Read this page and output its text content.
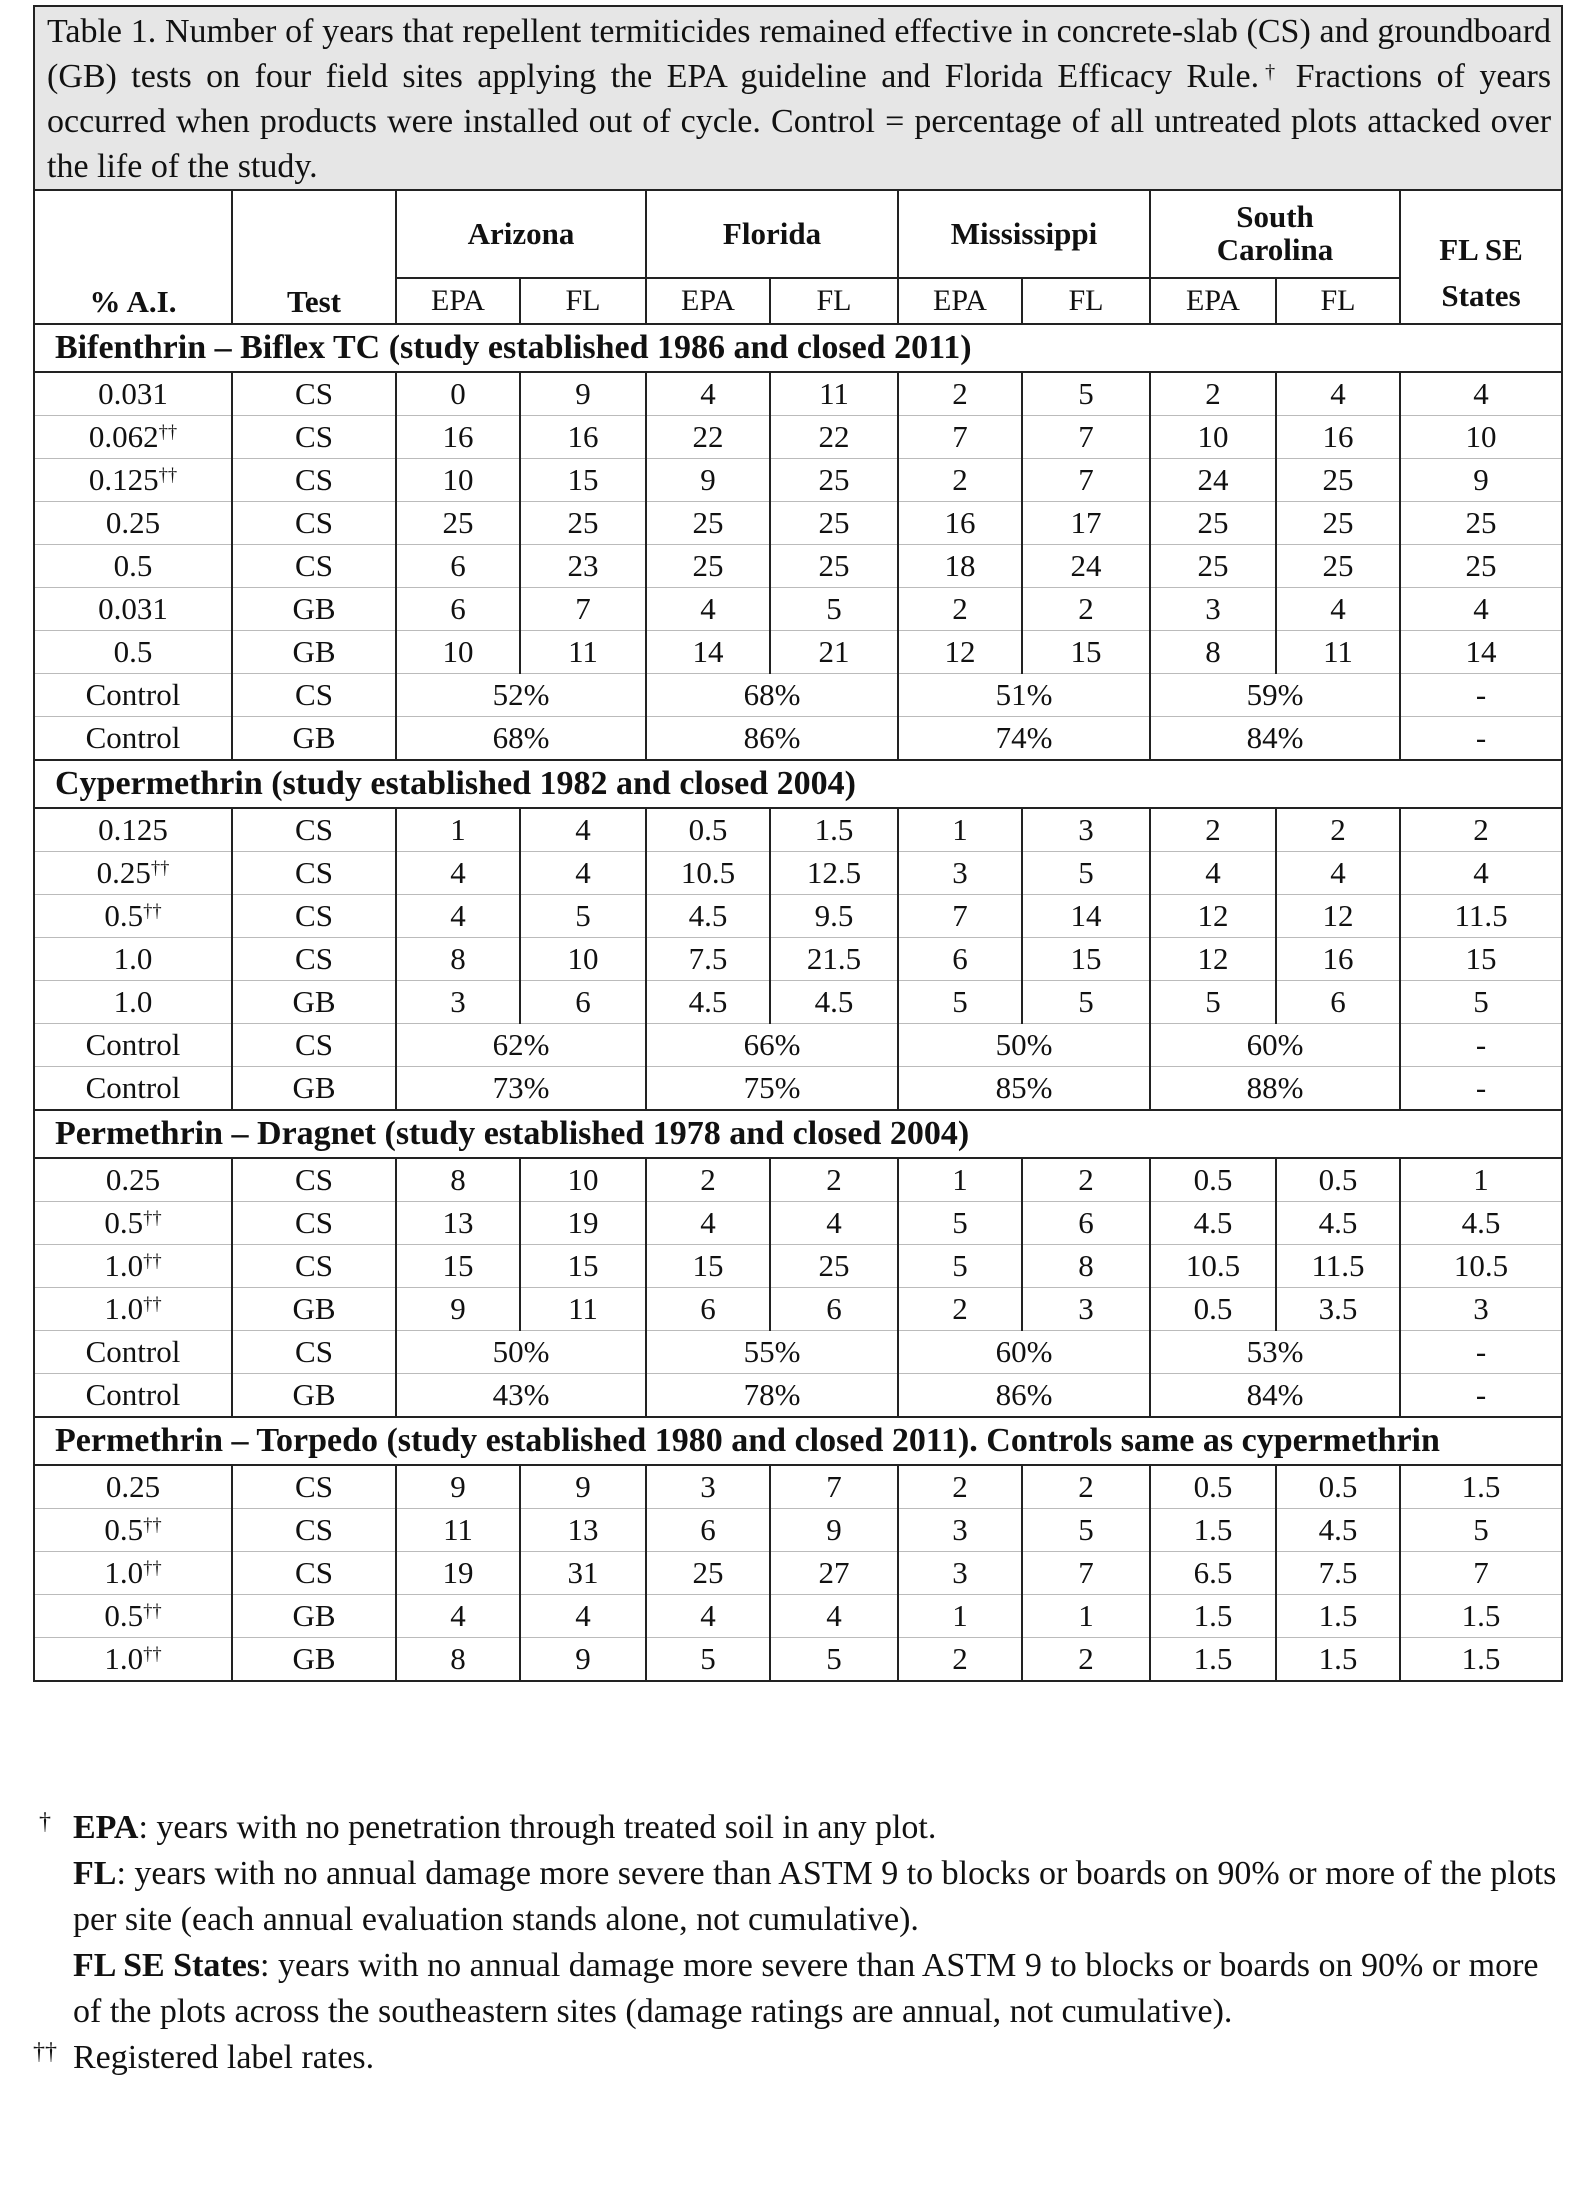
Table 1. Number of years that repellent termiticides remained effective in concrete-slab (CS) and groundboard (GB) tests on four field sites applying the EPA guideline and Florida Efficacy Rule.† Fractions of years occurred when products were installed out of cycle. Control = percentage of all untreated plots attacked over the life of the study.										
% A.I.	Test	Arizona		Florida		Mississippi		South Carolina		FL SE States
		EPA	FL	EPA	FL	EPA	FL	EPA	FL	
Bifenthrin – Biflex TC (study established 1986 and closed 2011)										
0.031	CS	0	9	4	11	2	5	2	4	4
0.062††	CS	16	16	22	22	7	7	10	16	10
0.125††	CS	10	15	9	25	2	7	24	25	9
0.25	CS	25	25	25	25	16	17	25	25	25
0.5	CS	6	23	25	25	18	24	25	25	25
0.031	GB	6	7	4	5	2	2	3	4	4
0.5	GB	10	11	14	21	12	15	8	11	14
Control	CS	52%		68%		51%		59%		-
Control	GB	68%		86%		74%		84%		-
Cypermethrin (study established 1982 and closed 2004)										
0.125	CS	1	4	0.5	1.5	1	3	2	2	2
0.25††	CS	4	4	10.5	12.5	3	5	4	4	4
0.5††	CS	4	5	4.5	9.5	7	14	12	12	11.5
1.0	CS	8	10	7.5	21.5	6	15	12	16	15
1.0	GB	3	6	4.5	4.5	5	5	5	6	5
Control	CS	62%		66%		50%		60%		-
Control	GB	73%		75%		85%		88%		-
Permethrin – Dragnet (study established 1978 and closed 2004)										
0.25	CS	8	10	2	2	1	2	0.5	0.5	1
0.5††	CS	13	19	4	4	5	6	4.5	4.5	4.5
1.0††	CS	15	15	15	25	5	8	10.5	11.5	10.5
1.0††	GB	9	11	6	6	2	3	0.5	3.5	3
Control	CS	50%		55%		60%		53%		-
Control	GB	43%		78%		86%		84%		-
Permethrin – Torpedo (study established 1980 and closed 2011). Controls same as cypermethrin										
0.25	CS	9	9	3	7	2	2	0.5	0.5	1.5
0.5††	CS	11	13	6	9	3	5	1.5	4.5	5
1.0††	CS	19	31	25	27	3	7	6.5	7.5	7
0.5††	GB	4	4	4	4	1	1	1.5	1.5	1.5
1.0††	GB	8	9	5	5	2	2	1.5	1.5	1.5
† EPA: years with no penetration through treated soil in any plot.
FL: years with no annual damage more severe than ASTM 9 to blocks or boards on 90% or more of the plots per site (each annual evaluation stands alone, not cumulative).
FL SE States: years with no annual damage more severe than ASTM 9 to blocks or boards on 90% or more of the plots across the southeastern sites (damage ratings are annual, not cumulative).
†† Registered label rates.
